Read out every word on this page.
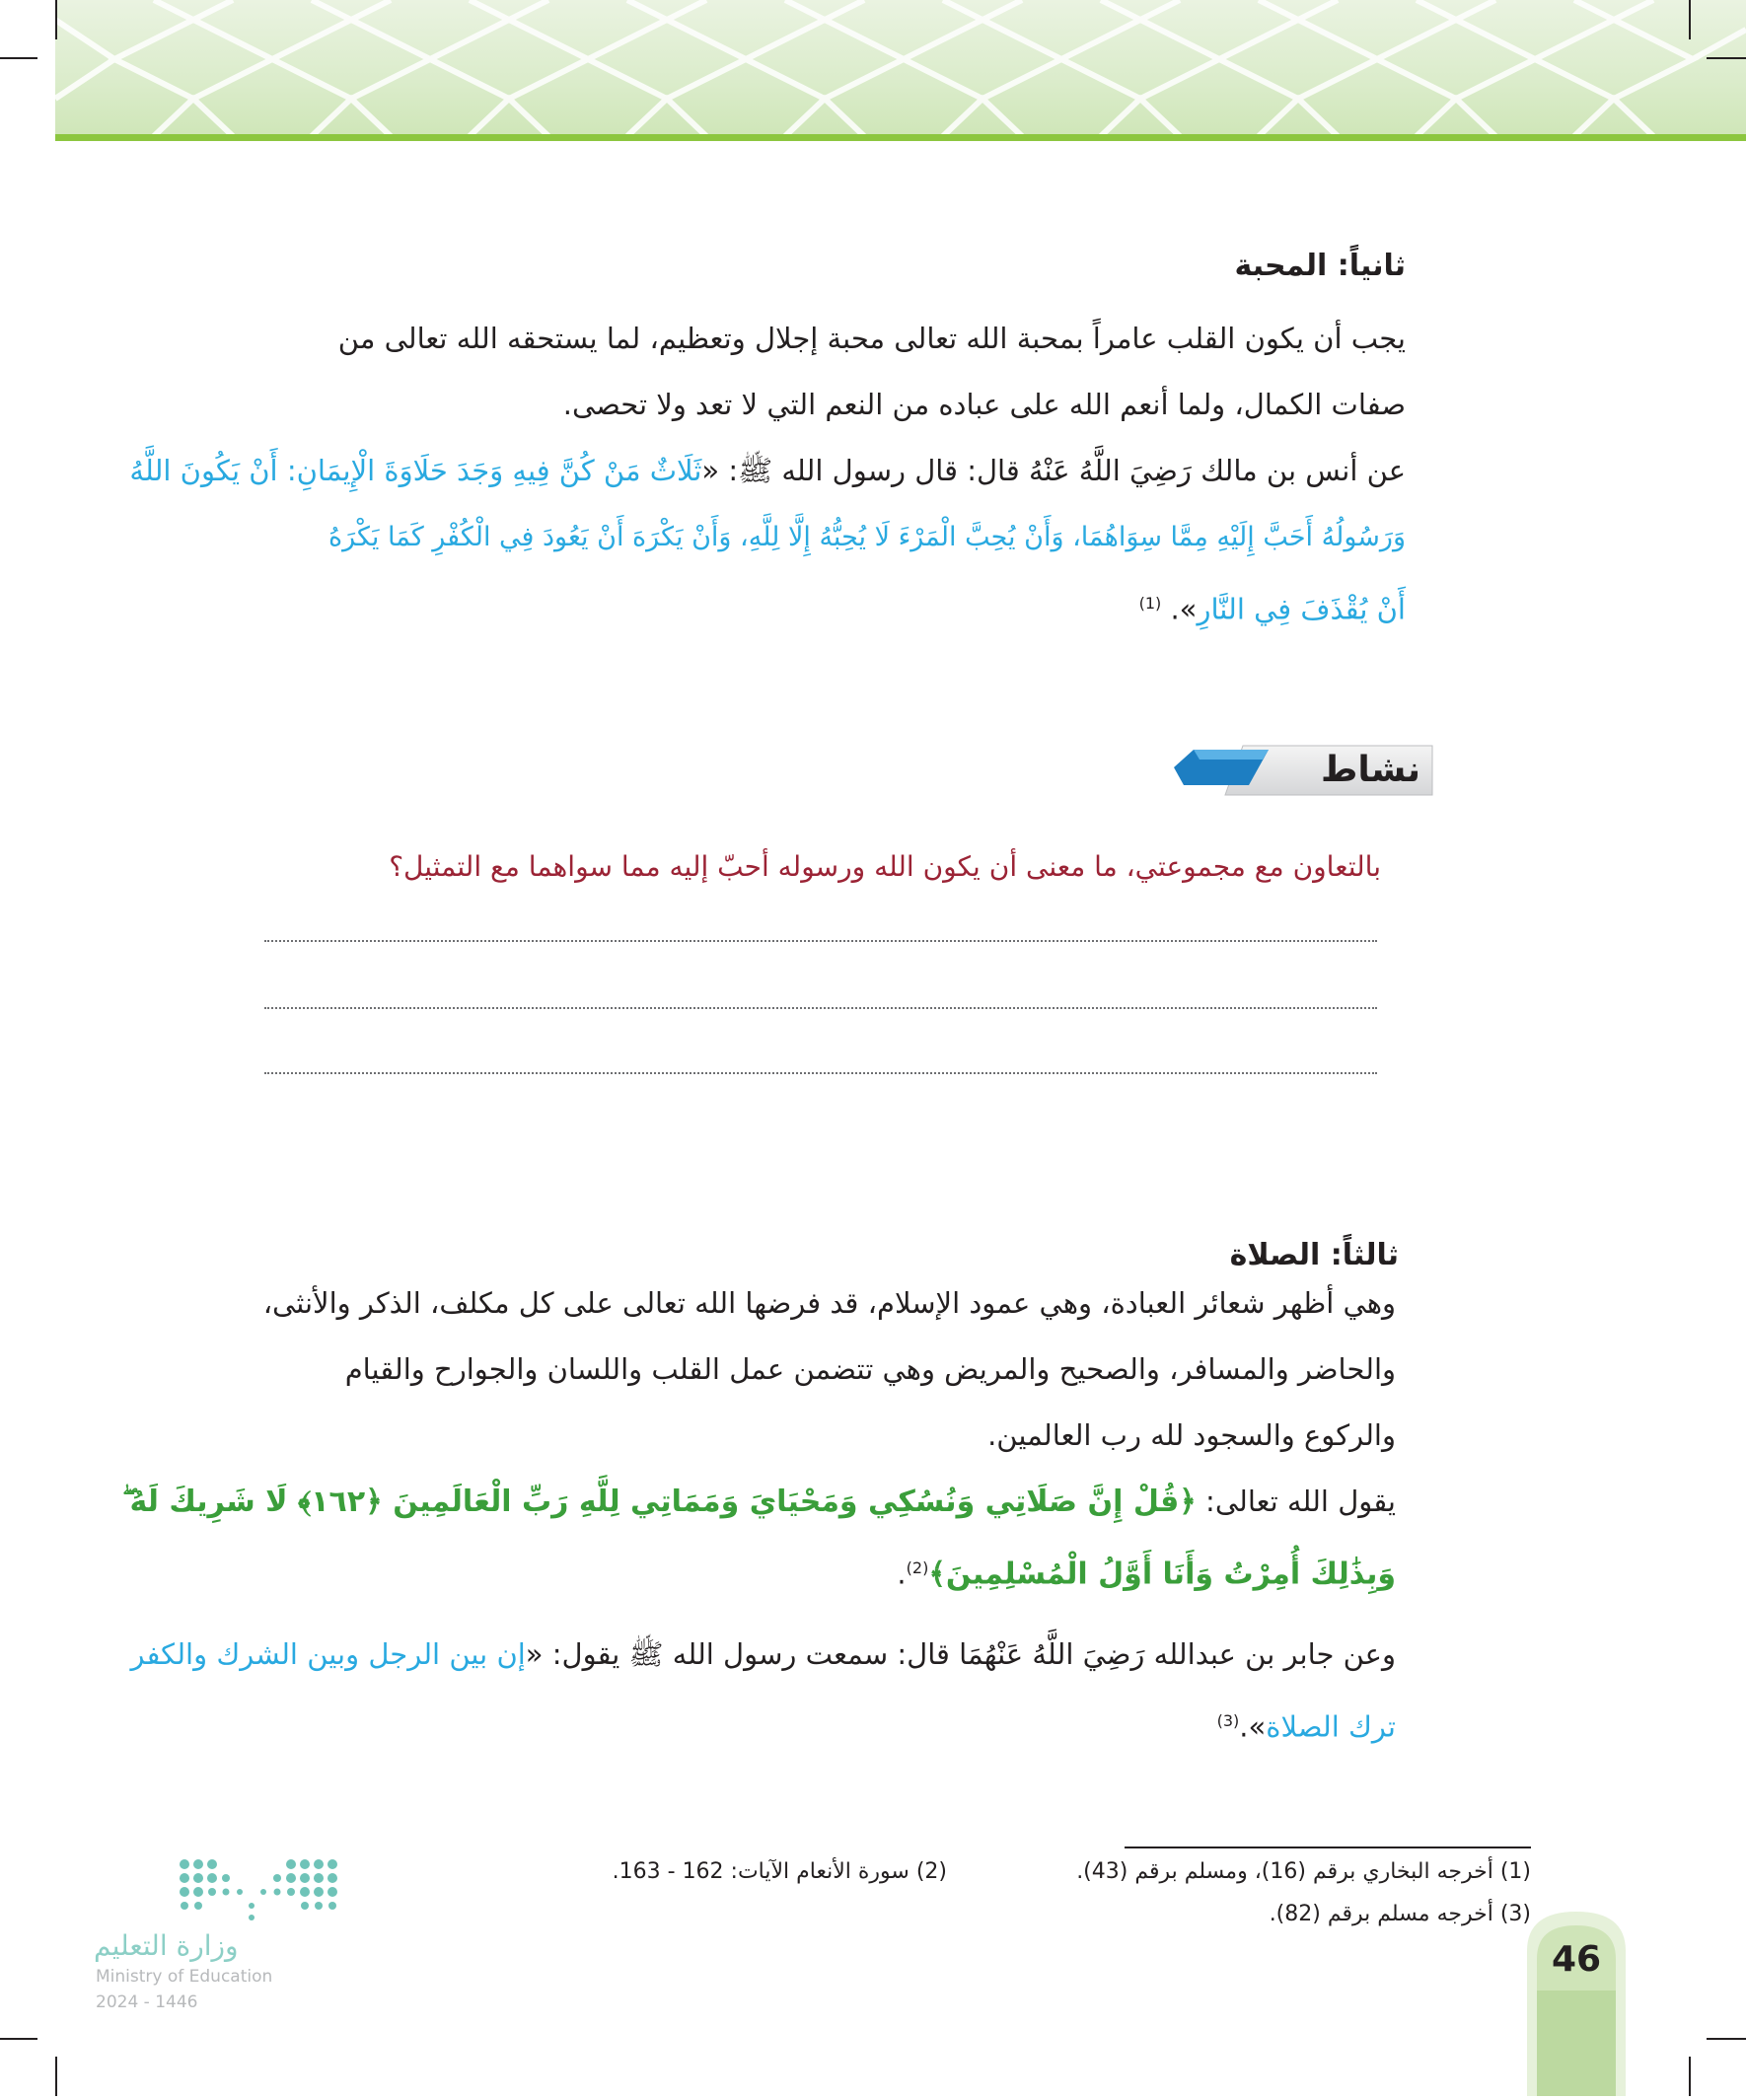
ثانياً: المحبة
يجب أن يكون القلب عامراً بمحبة الله تعالى محبة إجلال وتعظيم، لما يستحقه الله تعالى من
صفات الكمال، ولما أنعم الله على عباده من النعم التي لا تعد ولا تحصى.
عن أنس بن مالك رَضِيَ اللَّهُ عَنْهُ قال: قال رسول الله ﷺ: «ثَلَاثٌ مَنْ كُنَّ فِيهِ وَجَدَ حَلَاوَةَ الْإِيمَانِ: أَنْ يَكُونَ اللَّهُ
وَرَسُولُهُ أَحَبَّ إِلَيْهِ مِمَّا سِوَاهُمَا، وَأَنْ يُحِبَّ الْمَرْءَ لَا يُحِبُّهُ إِلَّا لِلَّهِ، وَأَنْ يَكْرَهَ أَنْ يَعُودَ فِي الْكُفْرِ كَمَا يَكْرَهُ
أَنْ يُقْذَفَ فِي النَّارِ». $^{(1)}$
نشاط
بالتعاون مع مجموعتي، ما معنى أن يكون الله ورسوله أحبّ إليه مما سواهما مع التمثيل؟
ثالثاً: الصلاة
وهي أظهر شعائر العبادة، وهي عمود الإسلام، قد فرضها الله تعالى على كل مكلف، الذكر والأنثى،
والحاضر والمسافر، والصحيح والمريض وهي تتضمن عمل القلب واللسان والجوارح والقيام
والركوع والسجود لله رب العالمين.
يقول الله تعالى: ﴿قُلْ إِنَّ صَلَاتِي وَنُسُكِي وَمَحْيَايَ وَمَمَاتِي لِلَّهِ رَبِّ الْعَالَمِينَ ﴿١٦٢﴾ لَا شَرِيكَ لَهُ ۖ
وَبِذَٰلِكَ أُمِرْتُ وَأَنَا أَوَّلُ الْمُسْلِمِينَ﴾$^{(2)}$.
وعن جابر بن عبدالله رَضِيَ اللَّهُ عَنْهُمَا قال: سمعت رسول الله ﷺ يقول: «إن بين الرجل وبين الشرك والكفر
ترك الصلاة».$^{(3)}$
(1) أخرجه البخاري برقم (16)، ومسلم برقم (43).
(2) سورة الأنعام الآيات: 162 - 163.
(3) أخرجه مسلم برقم (82).
وزارة التعليم
Ministry of Education
2024 - 1446
46
